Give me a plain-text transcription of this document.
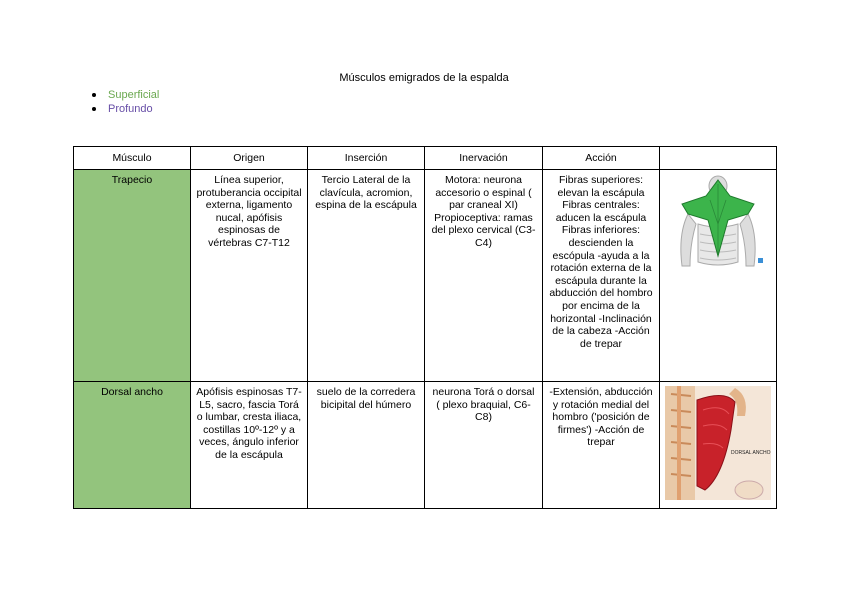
Músculos emigrados de la espalda
Superficial
Profundo
Músculo	Origen	Inserción	Inervación	Acción	
Trapecio	Línea superior, protuberancia occipital externa, ligamento nucal, apófisis espinosas de vértebras C7-T12	Tercio Lateral de la clavícula, acromion, espina de la escápula	Motora: neurona accesorio o espinal ( par craneal XI) Propioceptiva: ramas del plexo cervical (C3-C4)	Fibras superiores: elevan la escápula Fibras centrales: aducen la escápula Fibras inferiores: descienden la escópula -ayuda a la rotación externa de la escápula durante la abducción del hombro por encima de la horizontal -Inclinación de la cabeza -Acción de trepar	
Dorsal ancho	Apófisis espinosas T7-L5, sacro, fascia Torá o lumbar, cresta iliaca, costillas 10º-12º y a veces, ángulo inferior de la escápula	suelo de la corredera bicipital del húmero	neurona Torá o dorsal ( plexo braquial, C6-C8)	-Extensión, abducción y rotación medial del hombro ('posición de firmes') -Acción de trepar	DORSAL ANCHO
